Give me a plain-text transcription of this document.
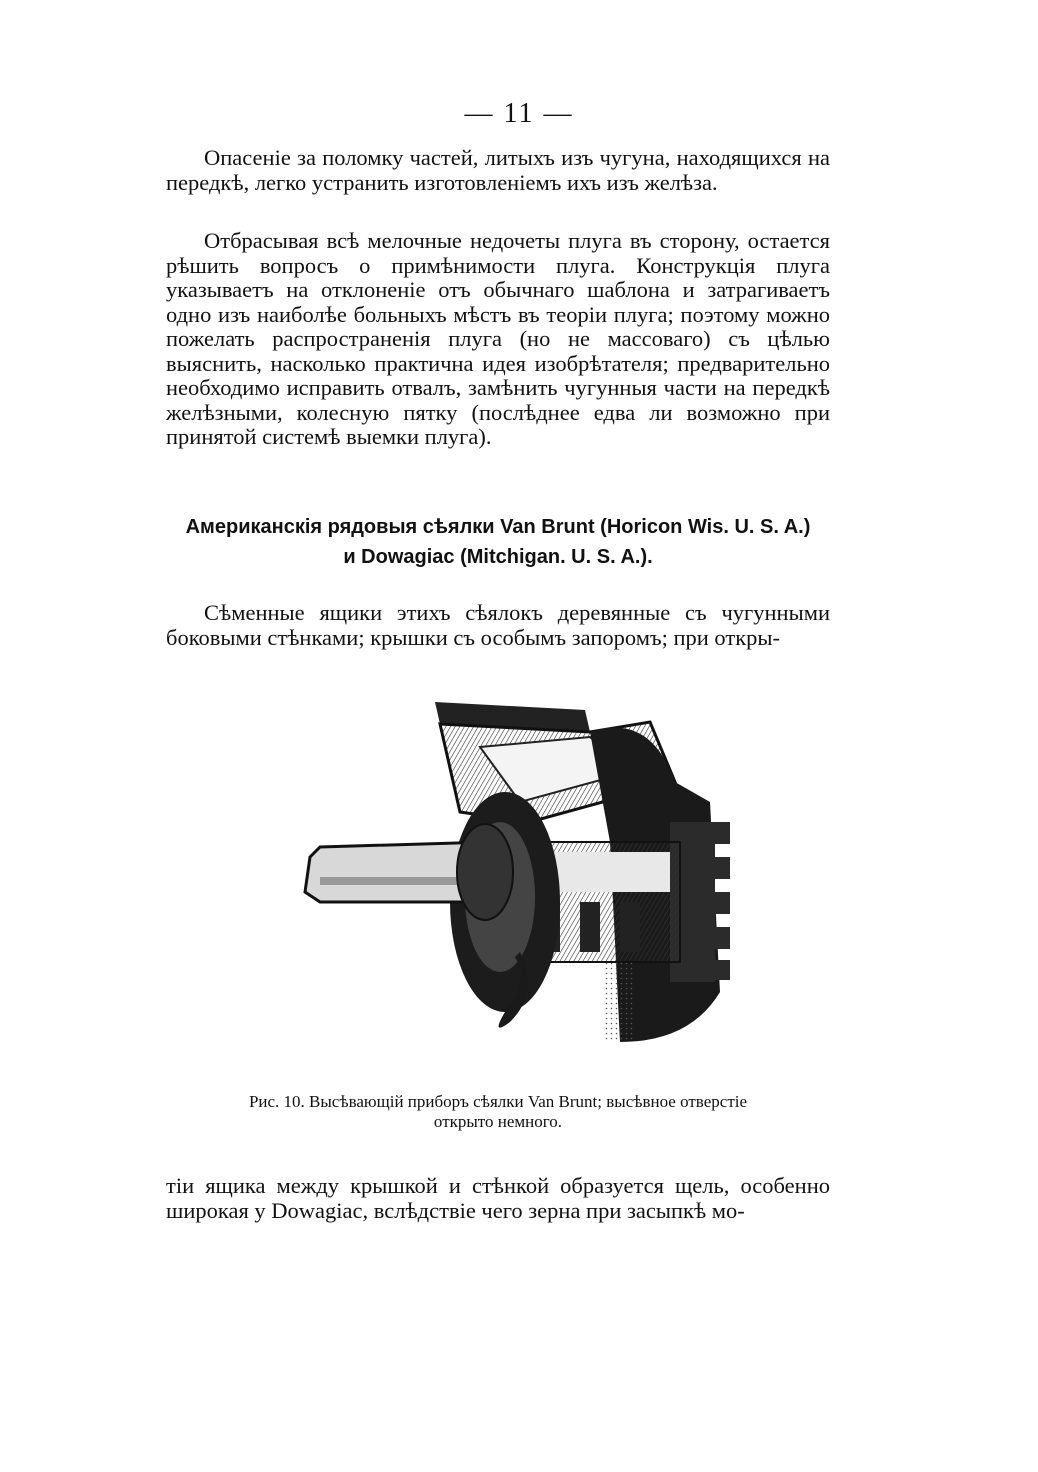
— 11 —

Опасеніе за поломку частей, литыхъ изъ чугуна, находящихся на передкѣ, легко устранить изготовленіемъ ихъ изъ желѣза.

Отбрасывая всѣ мелочные недочеты плуга въ сторону, остается рѣшить вопросъ о примѣнимости плуга. Конструкція плуга указываетъ на отклоненіе отъ обычнаго шаблона и затрагиваетъ одно изъ наиболѣе больныхъ мѣстъ въ теоріи плуга; поэтому можно пожелать распространенія плуга (но не массоваго) съ цѣлью выяснить, насколько практична идея изобрѣтателя; предварительно необходимо исправить отвалъ, замѣнить чугунныя части на передкѣ желѣзными, колесную пятку (послѣднее едва ли возможно при принятой системѣ выемки плуга).

Американскія рядовыя сѣялки Van Brunt (Horicon Wis. U. S. A.)
и Dowagiac (Mitchigan. U. S. A.).

Сѣменные ящики этихъ сѣялокъ деревянные съ чугунными боковыми стѣнками; крышки съ особымъ запоромъ; при откры-

Рис. 10. Высѣвающій приборъ сѣялки Van Brunt; высѣвное отверстіе
открыто немного.

тіи ящика между крышкой и стѣнкой образуется щель, особенно широкая у Dowagiac, вслѣдствіе чего зерна при засыпкѣ мо-
